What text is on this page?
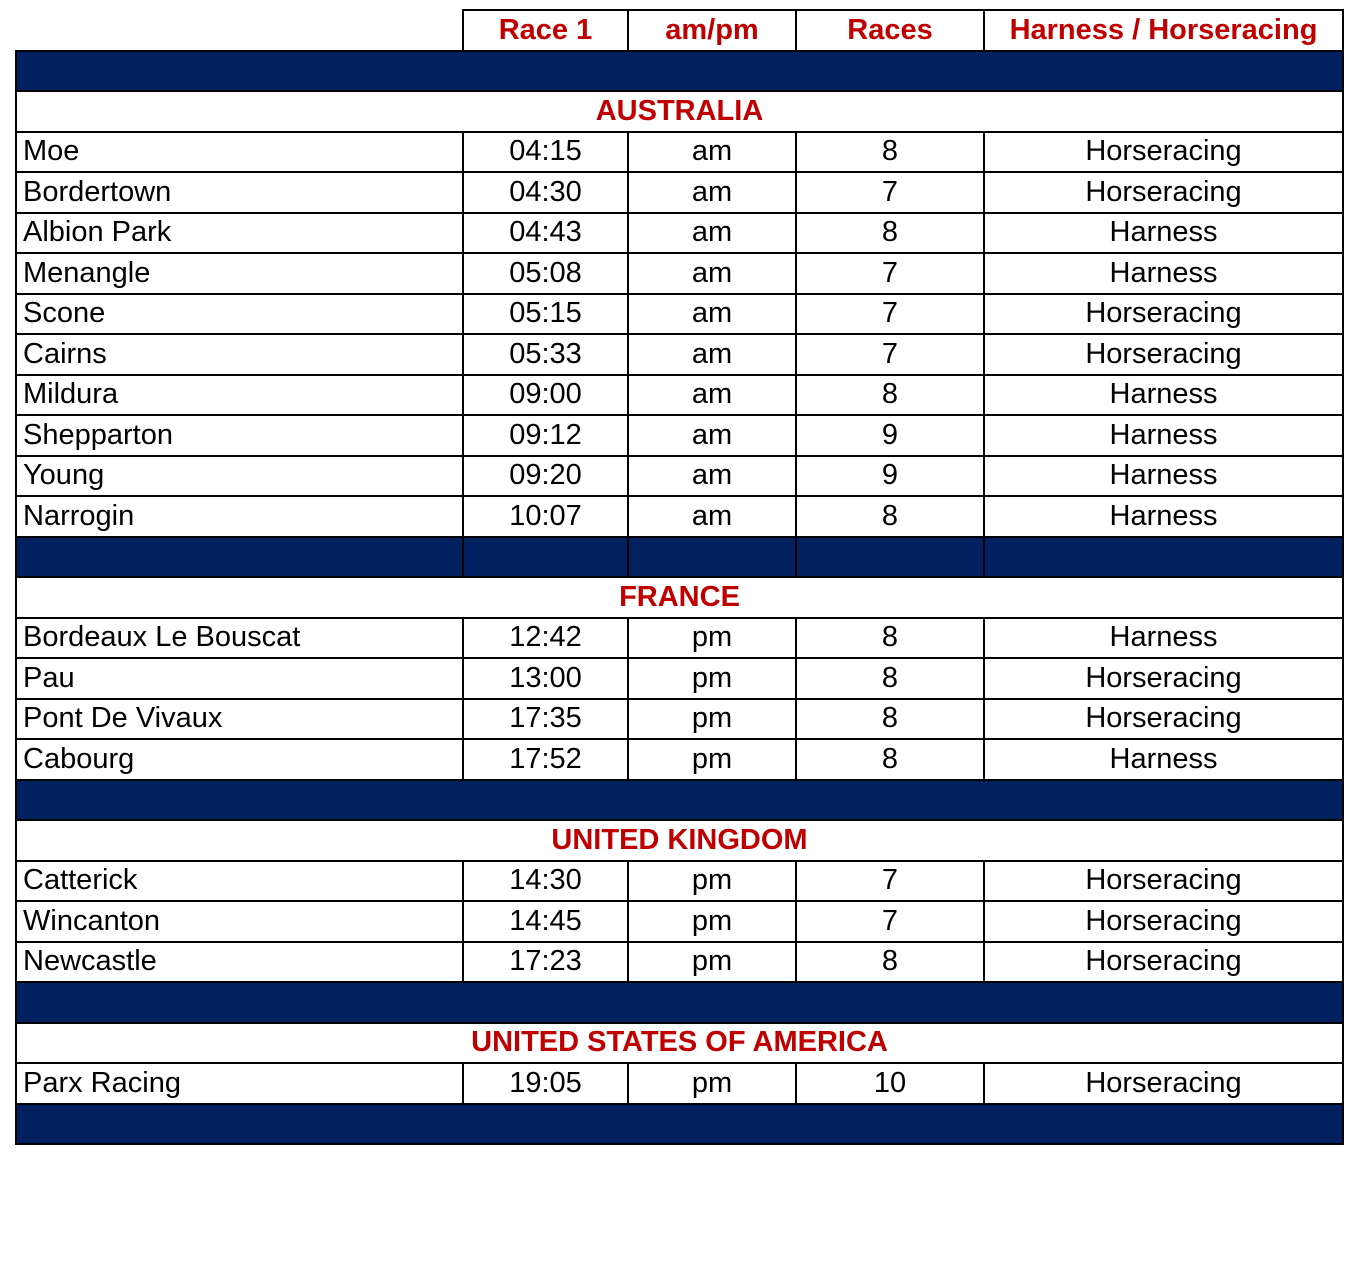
	Race 1	am/pm	Races	Harness / Horseracing

AUSTRALIA				
Moe	04:15	am	8	Horseracing
Bordertown	04:30	am	7	Horseracing
Albion Park	04:43	am	8	Harness
Menangle	05:08	am	7	Harness
Scone	05:15	am	7	Horseracing
Cairns	05:33	am	7	Horseracing
Mildura	09:00	am	8	Harness
Shepparton	09:12	am	9	Harness
Young	09:20	am	9	Harness
Narrogin	10:07	am	8	Harness

FRANCE				
Bordeaux Le Bouscat	12:42	pm	8	Harness
Pau	13:00	pm	8	Horseracing
Pont De Vivaux	17:35	pm	8	Horseracing
Cabourg	17:52	pm	8	Harness

UNITED KINGDOM				
Catterick	14:30	pm	7	Horseracing
Wincanton	14:45	pm	7	Horseracing
Newcastle	17:23	pm	8	Horseracing

UNITED STATES OF AMERICA				
Parx Racing	19:05	pm	10	Horseracing
